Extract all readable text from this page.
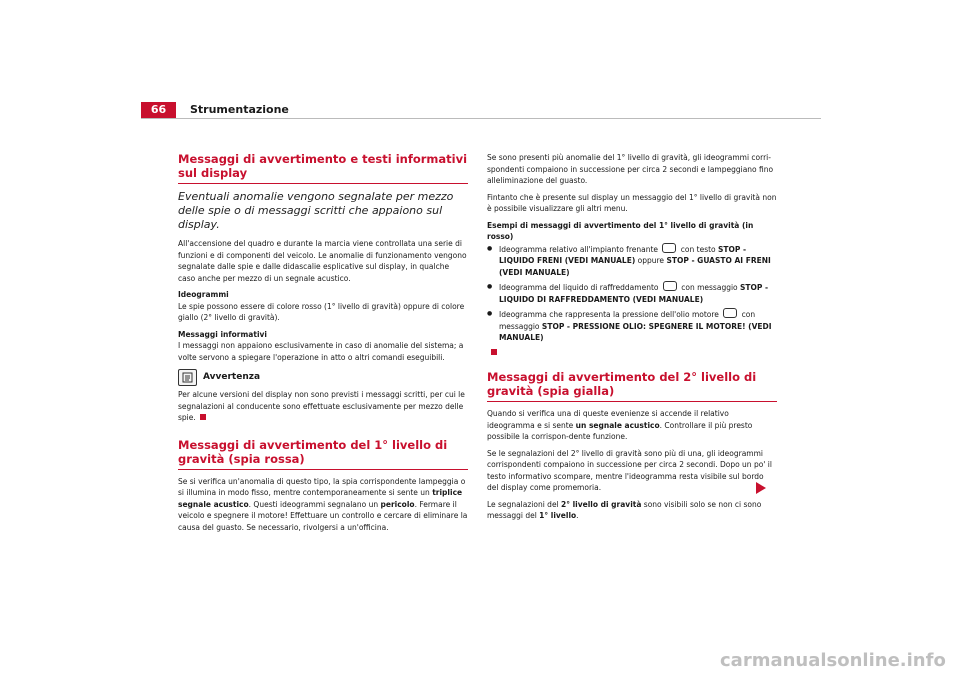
66	Strumentazione
Messaggi di avvertimento e testi informativi sul display
Eventuali anomalie vengono segnalate per mezzo delle spie o di messaggi scritti che appaiono sul display.

All'accensione del quadro e durante la marcia viene controllata una serie di funzioni e di componenti del veicolo. Le anomalie di funzionamento vengono segnalate dalle spie e dalle didascalie esplicative sul display, in qualche caso anche per mezzo di un segnale acustico.

Ideogrammi

Le spie possono essere di colore rosso (1° livello di gravità) oppure di colore giallo (2° livello di gravità).

Messaggi informativi

I messaggi non appaiono esclusivamente in caso di anomalie del sistema; a volte servono a spiegare l'operazione in atto o altri comandi eseguibili.

Avvertenza

Per alcune versioni del display non sono previsti i messaggi scritti, per cui le segnalazioni al conducente sono effettuate esclusivamente per mezzo delle spie.

Messaggi di avvertimento del 1° livello di gravità (spia rossa)

Se si verifica un'anomalia di questo tipo, la spia corrispondente lampeggia o si illumina in modo fisso, mentre contemporaneamente si sente un triplice segnale acustico. Questi ideogrammi segnalano un pericolo. Fermare il veicolo e spegnere il motore! Effettuare un controllo e cercare di eliminare la causa del guasto. Se necessario, rivolgersi a un'officina.

Se sono presenti più anomalie del 1° livello di gravità, gli ideogrammi corri-spondenti compaiono in successione per circa 2 secondi e lampeggiano fino alleliminazione del guasto.

Fintanto che è presente sul display un messaggio del 1° livello di gravità non è possibile visualizzare gli altri menu.

Esempi di messaggi di avvertimento del 1° livello di gravità (in rosso)

● Ideogramma relativo all'impianto frenante  con testo STOP - LIQUIDO FRENI (VEDI MANUALE) oppure STOP - GUASTO AI FRENI (VEDI MANUALE)
● Ideogramma del liquido di raffreddamento  con messaggio STOP - LIQUIDO DI RAFFREDDAMENTO (VEDI MANUALE)
● Ideogramma che rappresenta la pressione dell'olio motore  con messaggio STOP - PRESSIONE OLIO: SPEGNERE IL MOTORE! (VEDI MANUALE)

Messaggi di avvertimento del 2° livello di gravità (spia gialla)

Quando si verifica una di queste evenienze si accende il relativo ideogramma e si sente un segnale acustico. Controllare il più presto possibile la corrispon-dente funzione.

Se le segnalazioni del 2° livello di gravità sono più di una, gli ideogrammi corrispondenti compaiono in successione per circa 2 secondi. Dopo un po' il testo informativo scompare, mentre l'ideogramma resta visibile sul bordo del display come promemoria.

Le segnalazioni del 2° livello di gravità sono visibili solo se non ci sono messaggi del 1° livello.

carmanualsonline.info
